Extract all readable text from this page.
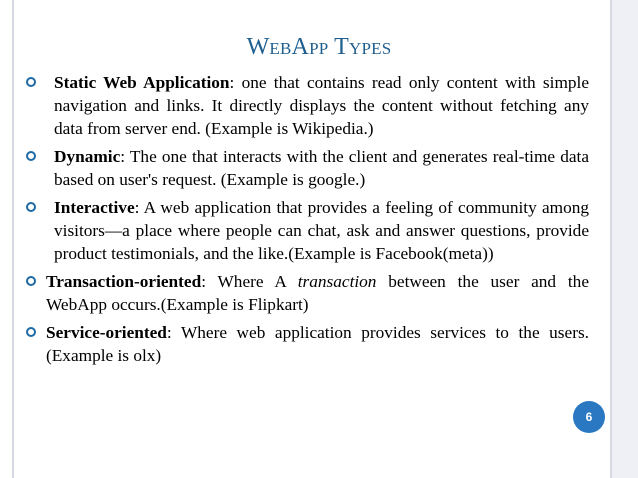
WebApp Types

Static Web Application: one that contains read only content with simple navigation and links. It directly displays the content without fetching any data from server end. (Example is Wikipedia.)

Dynamic: The one that interacts with the client and generates real-time data based on user's request. (Example is google.)

Interactive: A web application that provides a feeling of community among visitors—a place where people can chat, ask and answer questions, provide product testimonials, and the like.(Example is Facebook(meta))

Transaction-oriented: Where A transaction between the user and the WebApp occurs.(Example is Flipkart)

Service-oriented: Where web application provides services to the users.(Example is olx)

6
